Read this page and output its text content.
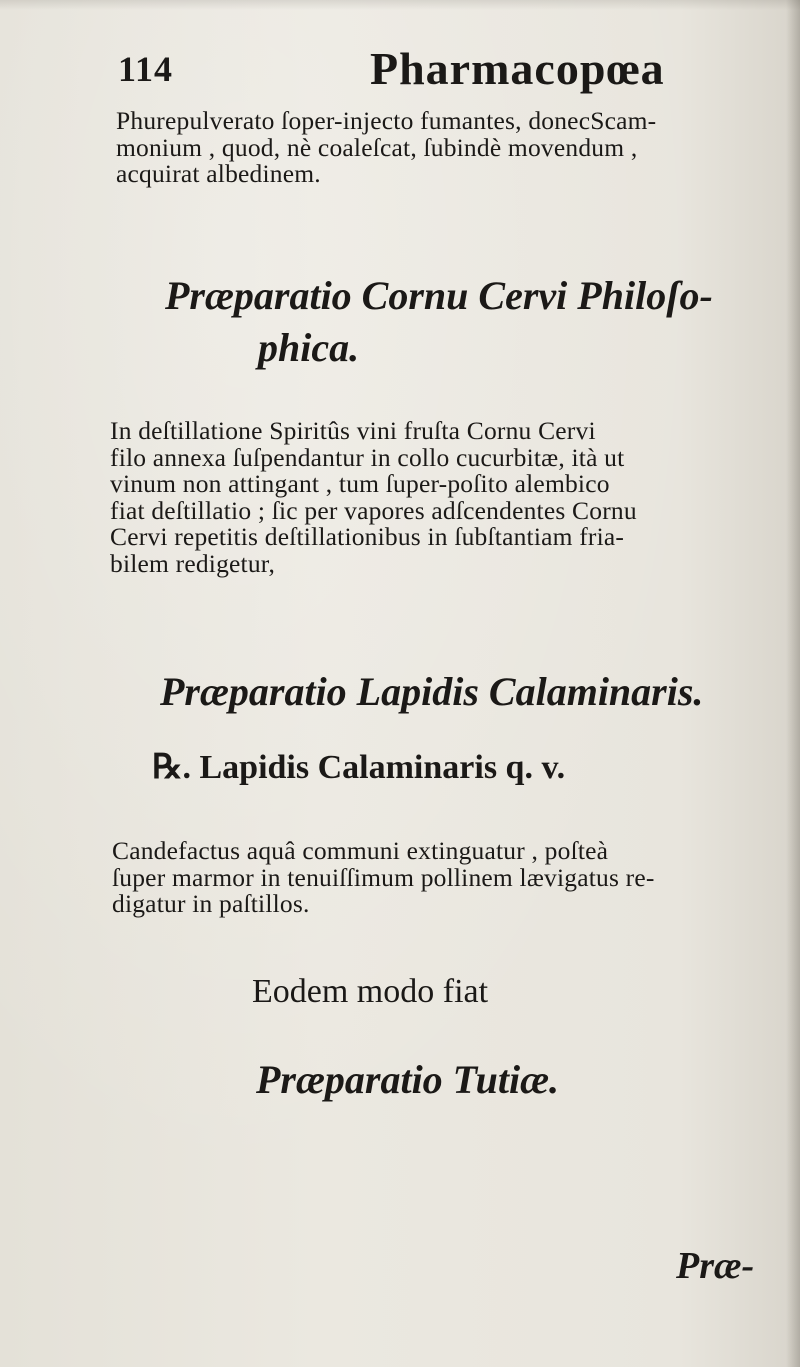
114	Pharmacopœa
Phurepulverato ſoper-injecto fumantes, donecScam-
monium , quod, nè coaleſcat, ſubindè movendum ,
acquirat albedinem.
Præparatio Cornu Cervi Philoſo-
phica.
In deſtillatione Spiritûs vini fruſta Cornu Cervi
filo annexa ſuſpendantur in collo cucurbitæ, ità ut
vinum non attingant , tum ſuper-poſito alembico
fiat deſtillatio ; ſic per vapores adſcendentes Cornu
Cervi repetitis deſtillationibus in ſubſtantiam fria-
bilem redigetur,
Præparatio Lapidis Calaminaris.
℞. Lapidis Calaminaris q. v.
Candefactus aquâ communi extinguatur , poſteà
ſuper marmor in tenuiſſimum pollinem lævigatus re-
digatur in paſtillos.
Eodem modo fiat
Præparatio Tutiæ.
Præ-
